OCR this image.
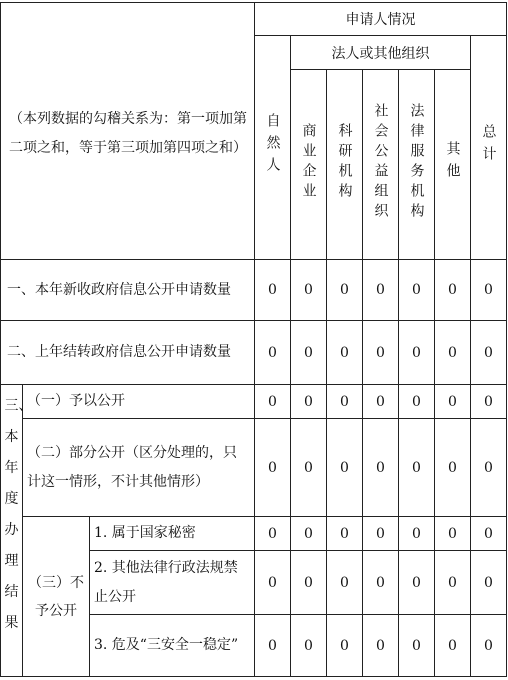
（本列数据的勾稽关系为：第一项加第二项之和，等于第三项加第四项之和）			申请人情况						
			自然人	法人或其他组织					总计
				商业企业	科研机构	社会公益组织	法律服务机构	其他	
一、本年新收政府信息公开申请数量			0	0	0	0	0	0	0
二、上年结转政府信息公开申请数量			0	0	0	0	0	0	0

三、本年度办理结果	（一）予以公开		0	0	0	0	0	0	0
	（二）部分公开（区分处理的，只计这一情形，不计其他情形）		0	0	0	0	0	0	0
	（三）不予公开	1. 属于国家秘密	0	0	0	0	0	0	0
		2. 其他法律行政法规禁止公开	0	0	0	0	0	0	0
		3. 危及“三安全一稳定”	0	0	0	0	0	0	0
